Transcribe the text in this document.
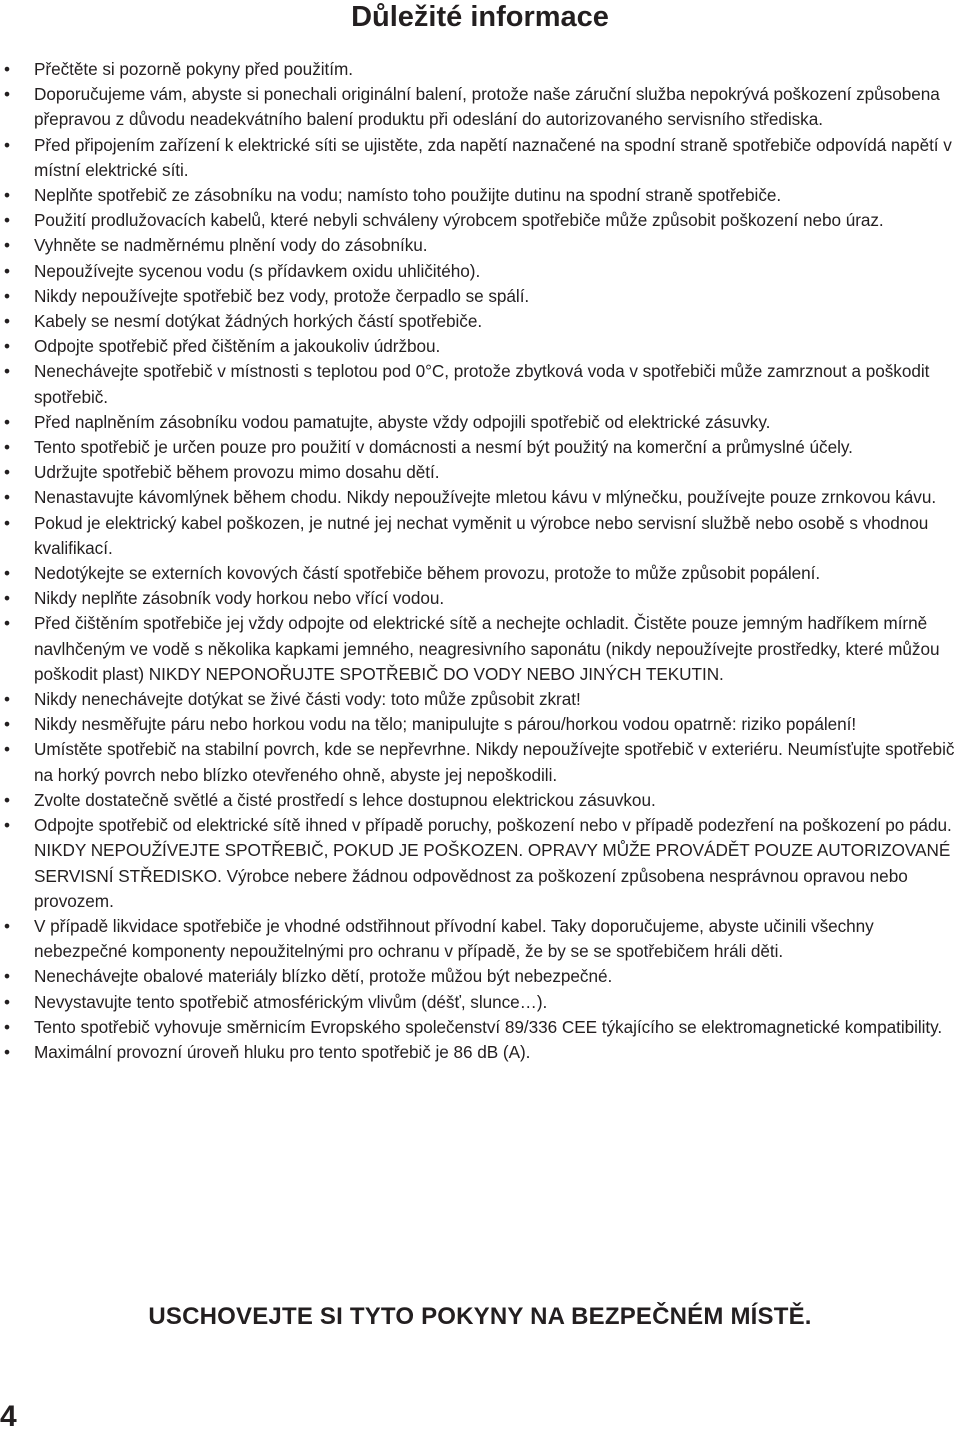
Důležité informace
•	Přečtěte si pozorně pokyny před použitím.
•	Doporučujeme vám, abyste si ponechali originální balení, protože naše záruční služba nepokrývá poškození způsobena přepravou z důvodu neadekvátního balení produktu při odeslání do autorizovaného servisního střediska.
•	Před připojením zařízení k elektrické síti se ujistěte, zda napětí naznačené na spodní straně spotřebiče odpovídá napětí v místní elektrické síti.
•	Neplňte spotřebič ze zásobníku na vodu; namísto toho použijte dutinu na spodní straně spotřebiče.
•	Použití prodlužovacích kabelů, které nebyli schváleny výrobcem spotřebiče může způsobit poškození nebo úraz.
•	Vyhněte se nadměrnému plnění vody do zásobníku.
•	Nepoužívejte sycenou vodu (s přídavkem oxidu uhličitého).
•	Nikdy nepoužívejte spotřebič bez vody, protože čerpadlo se spálí.
•	Kabely se nesmí dotýkat žádných horkých částí spotřebiče.
•	Odpojte spotřebič před čištěním a jakoukoliv údržbou.
•	Nenechávejte spotřebič v místnosti s teplotou pod 0°C, protože zbytková voda v spotřebiči může zamrznout a poškodit spotřebič.
•	Před naplněním zásobníku vodou pamatujte, abyste vždy odpojili spotřebič od elektrické zásuvky.
•	Tento spotřebič je určen pouze pro použití v domácnosti a nesmí být použitý na komerční a průmyslné účely.
•	Udržujte spotřebič během provozu mimo dosahu dětí.
•	Nenastavujte kávomlýnek během chodu. Nikdy nepoužívejte mletou kávu v mlýnečku, používejte pouze zrnkovou kávu.
•	Pokud je elektrický kabel poškozen, je nutné jej nechat vyměnit u výrobce nebo servisní službě nebo osobě s vhodnou kvalifikací.
•	Nedotýkejte se externích kovových částí spotřebiče během provozu, protože to může způsobit popálení.
•	Nikdy neplňte zásobník vody horkou nebo vřící vodou.
•	Před čištěním spotřebiče jej vždy odpojte od elektrické sítě a nechejte ochladit. Čistěte pouze jemným hadříkem mírně navlhčeným ve vodě s několika kapkami jemného, neagresivního saponátu (nikdy nepoužívejte prostředky, které můžou poškodit plast) NIKDY NEPONOŘUJTE SPOTŘEBIČ DO VODY NEBO JINÝCH TEKUTIN.
•	Nikdy nenechávejte dotýkat se živé části vody: toto může způsobit zkrat!
•	Nikdy nesměřujte páru nebo horkou vodu na tělo; manipulujte s párou/horkou vodou opatrně: riziko popálení!
•	Umístěte spotřebič na stabilní povrch, kde se nepřevrhne. Nikdy nepoužívejte spotřebič v exteriéru. Neumísťujte spotřebič na horký povrch nebo blízko otevřeného ohně, abyste jej nepoškodili.
•	Zvolte dostatečně světlé a čisté prostředí s lehce dostupnou elektrickou zásuvkou.
•	Odpojte spotřebič od elektrické sítě ihned v případě poruchy, poškození nebo v případě podezření na poškození po pádu. NIKDY NEPOUŽÍVEJTE SPOTŘEBIČ, POKUD JE POŠKOZEN. OPRAVY MŮŽE PROVÁDĚT POUZE AUTORIZOVANÉ SERVISNÍ STŘEDISKO. Výrobce nebere žádnou odpovědnost za poškození způsobena nesprávnou opravou nebo provozem.
•	V případě likvidace spotřebiče je vhodné odstřihnout přívodní kabel. Taky doporučujeme, abyste učinili všechny nebezpečné komponenty nepoužitelnými pro ochranu v případě, že by se se spotřebičem hráli děti.
•	Nenechávejte obalové materiály blízko dětí, protože můžou být nebezpečné.
•	Nevystavujte tento spotřebič atmosférickým vlivům (déšť, slunce…).
•	Tento spotřebič vyhovuje směrnicím Evropského společenství 89/336 CEE týkajícího se elektromagnetické kompatibility.
•	Maximální provozní úroveň hluku pro tento spotřebič je 86 dB (A).

USCHOVEJTE SI TYTO POKYNY NA BEZPEČNÉM MÍSTĚ.

4
